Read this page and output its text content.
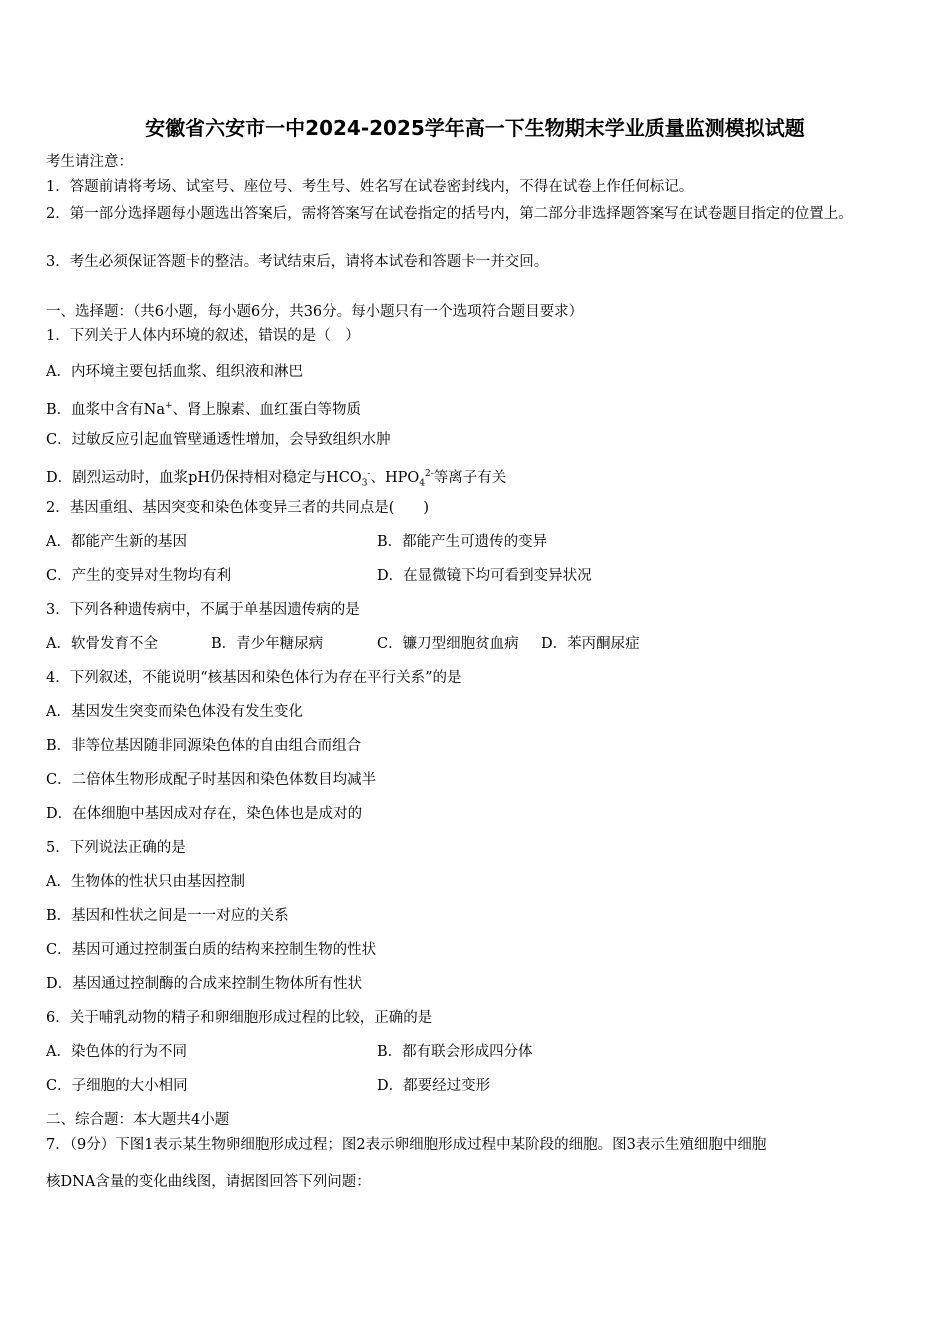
安徽省六安市一中2024-2025学年高一下生物期末学业质量监测模拟试题
考生请注意：
1．答题前请将考场、试室号、座位号、考生号、姓名写在试卷密封线内，不得在试卷上作任何标记。
2．第一部分选择题每小题选出答案后，需将答案写在试卷指定的括号内，第二部分非选择题答案写在试卷题目指定的位置上。
3．考生必须保证答题卡的整洁。考试结束后，请将本试卷和答题卡一并交回。
一、选择题：（共6小题，每小题6分，共36分。每小题只有一个选项符合题目要求）
1．下列关于人体内环境的叙述，错误的是（　）
A．内环境主要包括血浆、组织液和淋巴
B．血浆中含有Na+、肾上腺素、血红蛋白等物质
C．过敏反应引起血管壁通透性增加，会导致组织水肿
D．剧烈运动时，血浆pH仍保持相对稳定与$HCO_3^-$、$HPO_4^{2-}$等离子有关
2．基因重组、基因突变和染色体变异三者的共同点是(　　)
A．都能产生新的基因	B．都能产生可遗传的变异
C．产生的变异对生物均有利	D．在显微镜下均可看到变异状况
3．下列各种遗传病中，不属于单基因遗传病的是
A．软骨发育不全	B．青少年糖尿病	C．镰刀型细胞贫血病 D．苯丙酮尿症
4．下列叙述，不能说明“核基因和染色体行为存在平行关系”的是
A．基因发生突变而染色体没有发生变化
B．非等位基因随非同源染色体的自由组合而组合
C．二倍体生物形成配子时基因和染色体数目均减半
D．在体细胞中基因成对存在，染色体也是成对的
5．下列说法正确的是
A．生物体的性状只由基因控制
B．基因和性状之间是一一对应的关系
C．基因可通过控制蛋白质的结构来控制生物的性状
D．基因通过控制酶的合成来控制生物体所有性状
6．关于哺乳动物的精子和卵细胞形成过程的比较，正确的是
A．染色体的行为不同	B．都有联会形成四分体
C．子细胞的大小相同	D．都要经过变形
二、综合题：本大题共4小题
7．（9分）下图1表示某生物卵细胞形成过程；图2表示卵细胞形成过程中某阶段的细胞。图3表示生殖细胞中细胞
核DNA含量的变化曲线图，请据图回答下列问题：
